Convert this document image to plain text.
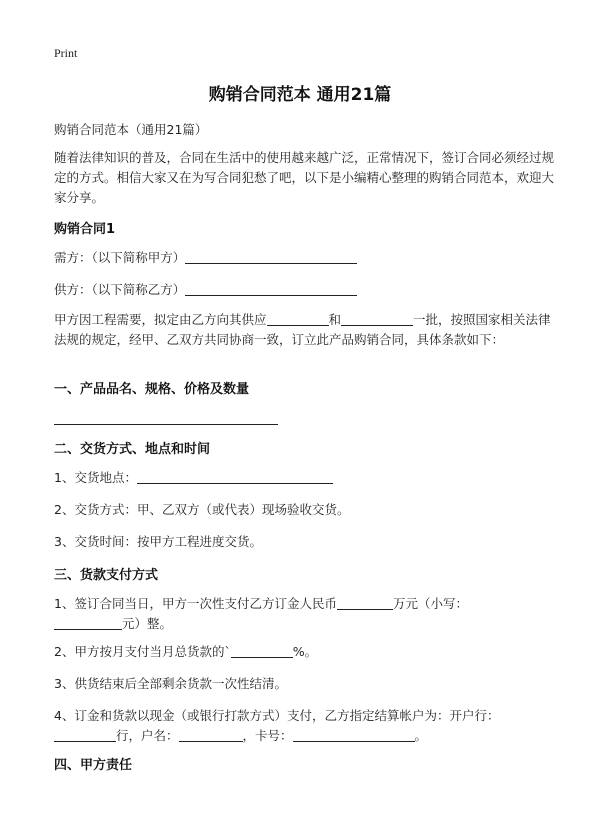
Print
购销合同范本 通用21篇
购销合同范本（通用21篇）
随着法律知识的普及，合同在生活中的使用越来越广泛，正常情况下，签订合同必须经过规定的方式。相信大家又在为写合同犯愁了吧，以下是小编精心整理的购销合同范本，欢迎大家分享。
购销合同1
需方：（以下简称甲方）
供方：（以下简称乙方）
甲方因工程需要，拟定由乙方向其供应	和	一批，按照国家相关法律法规的规定，经甲、乙双方共同协商一致，订立此产品购销合同，具体条款如下：
一、产品品名、规格、价格及数量
二、交货方式、地点和时间
1、交货地点：
2、交货方式：甲、乙双方（或代表）现场验收交货。
3、交货时间：按甲方工程进度交货。
三、货款支付方式
1、签订合同当日，甲方一次性支付乙方订金人民币	万元（小写：
元）整。
2、甲方按月支付当月总货款的`	%。
3、供货结束后全部剩余货款一次性结清。
4、订金和货款以现金（或银行打款方式）支付，乙方指定结算帐户为：开户行：
行，户名：	，卡号：	。
四、甲方责任
